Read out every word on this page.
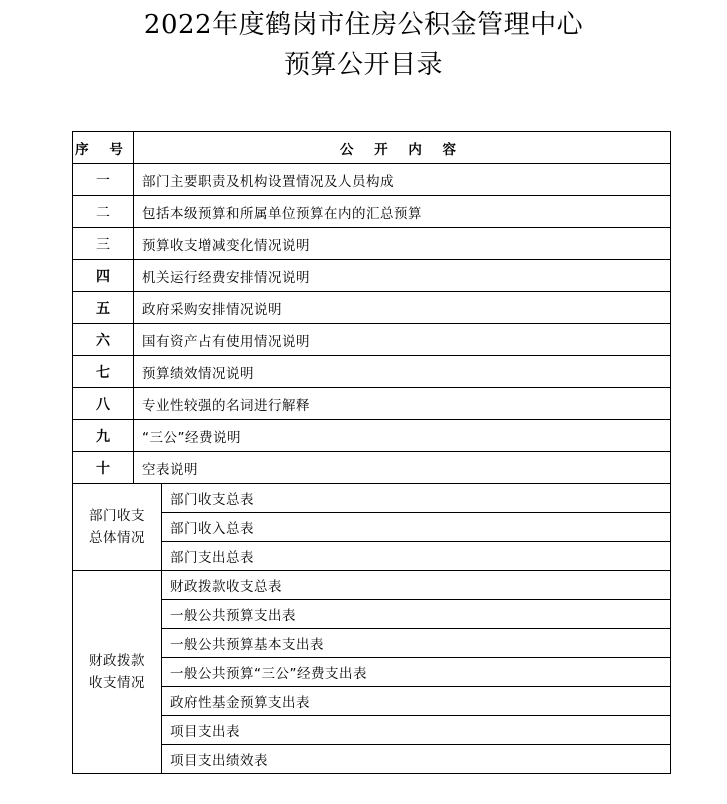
2022年度鹤岗市住房公积金管理中心
预算公开目录
序 号	公 开 内 容	
一	部门主要职责及机构设置情况及人员构成	
二	包括本级预算和所属单位预算在内的汇总预算	
三	预算收支增减变化情况说明	
四	机关运行经费安排情况说明	
五	政府采购安排情况说明	
六	国有资产占有使用情况说明	
七	预算绩效情况说明	
八	专业性较强的名词进行解释	
九	“三公”经费说明	
十	空表说明	

部门收支
总体情况		部门收支总表
		部门收入总表
		部门支出总表

财政拨款
收支情况		财政拨款收支总表
		一般公共预算支出表
		一般公共预算基本支出表
		一般公共预算“三公”经费支出表
		政府性基金预算支出表
		项目支出表
		项目支出绩效表
